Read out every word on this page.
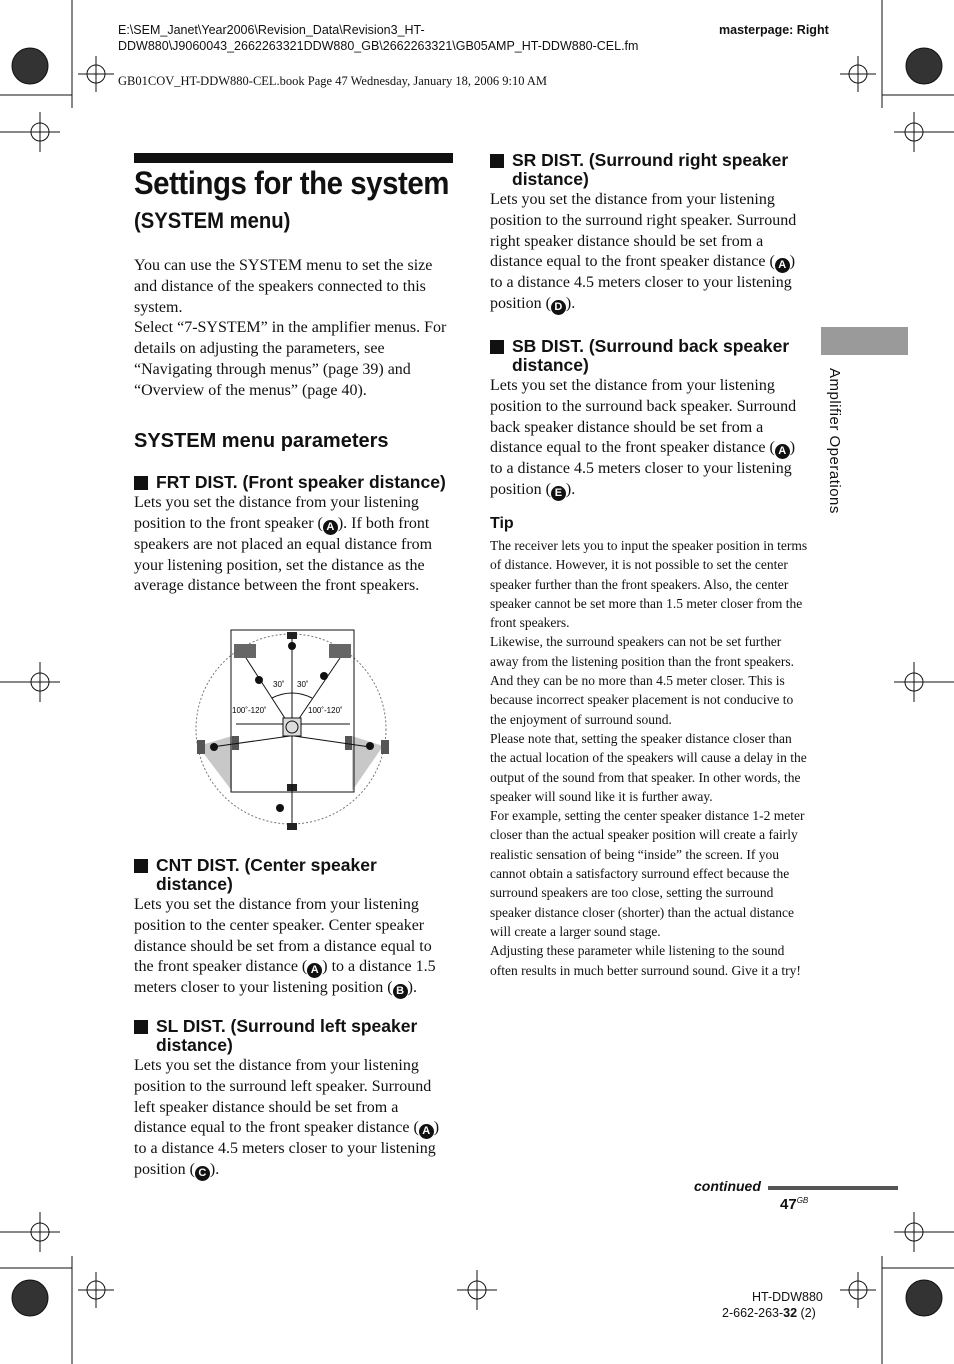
E:\SEM_Janet\Year2006\Revision_Data\Revision3_HT-
DDW880\J9060043_2662263321DDW880_GB\2662263321\GB05AMP_HT-DDW880-CEL.fm
masterpage: Right
GB01COV_HT-DDW880-CEL.book Page 47 Wednesday, January 18, 2006 9:10 AM
Settings for the system
(SYSTEM menu)

You can use the SYSTEM menu to set the size and distance of the speakers connected to this system.

Select “7-SYSTEM” in the amplifier menus. For details on adjusting the parameters, see “Navigating through menus” (page 39) and “Overview of the menus” (page 40).

SYSTEM menu parameters
FRT DIST. (Front speaker distance)
Lets you set the distance from your listening position to the front speaker ( A ). If both front speakers are not placed an equal distance from your listening position, set the distance as the average distance between the front speakers.
30˚ 30˚
100˚-120˚	100˚-120˚
CNT DIST. (Center speaker distance)
Lets you set the distance from your listening position to the center speaker. Center speaker distance should be set from a distance equal to the front speaker distance ( A ) to a distance 1.5 meters closer to your listening position ( B ).
SL DIST. (Surround left speaker distance)
Lets you set the distance from your listening position to the surround left speaker. Surround left speaker distance should be set from a distance equal to the front speaker distance ( A ) to a distance 4.5 meters closer to your listening position ( C ).
SR DIST. (Surround right speaker distance)
Lets you set the distance from your listening position to the surround right speaker. Surround right speaker distance should be set from a distance equal to the front speaker distance ( A ) to a distance 4.5 meters closer to your listening position ( D ).
SB DIST. (Surround back speaker distance)
Lets you set the distance from your listening position to the surround back speaker. Surround back speaker distance should be set from a distance equal to the front speaker distance ( A ) to a distance 4.5 meters closer to your listening position ( E ).
Tip

The receiver lets you to input the speaker position in terms of distance. However, it is not possible to set the center speaker further than the front speakers. Also, the center speaker cannot be set more than 1.5 meter closer from the front speakers.

Likewise, the surround speakers can not be set further away from the listening position than the front speakers. And they can be no more than 4.5 meter closer. This is because incorrect speaker placement is not conducive to the enjoyment of surround sound.

Please note that, setting the speaker distance closer than the actual location of the speakers will cause a delay in the output of the sound from that speaker. In other words, the speaker will sound like it is further away.

For example, setting the center speaker distance 1-2 meter closer than the actual speaker position will create a fairly realistic sensation of being “inside” the screen. If you cannot obtain a satisfactory surround effect because the surround speakers are too close, setting the surround speaker distance closer (shorter) than the actual distance will create a larger sound stage.

Adjusting these parameter while listening to the sound often results in much better surround sound. Give it a try!

Amplifier Operations
continued
$47^{GB}$
HT-DDW880
2-662-263-32 (2)
